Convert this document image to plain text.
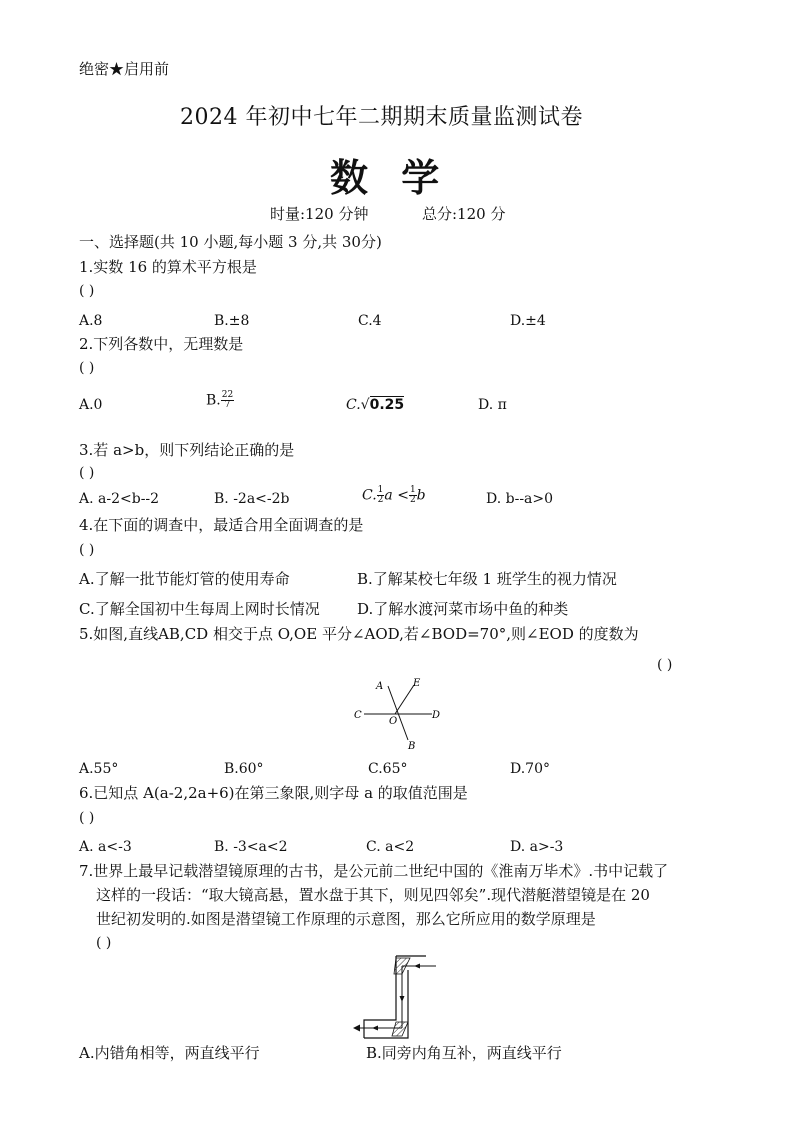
绝密★启用前
2024 年初中七年二期期末质量监测试卷
数 学
时量:120 分钟	总分:120 分
一、选择题(共 10 小题,每小题 3 分,共 30分)
1.实数 16 的算术平方根是
( )
A.8	B.±8	C.4	D.±4
2.下列各数中，无理数是
( )
A.0	B. $\frac{22}{7}$	C.√0.25	D. π
3.若 a>b，则下列结论正确的是
( )
A. a-2<b--2	B. -2a<-2b	C. $\frac{1}{2}$ $a < \frac{1}{2}$ b	D. b--a>0
4.在下面的调查中，最适合用全面调查的是
( )
A.了解一批节能灯管的使用寿命	B.了解某校七年级 1 班学生的视力情况
C.了解全国初中生每周上网时长情况 D.了解水渡河菜市场中鱼的种类
5.如图,直线AB,CD 相交于点 O,OE 平分∠AOD,若∠BOD=70°,则∠EOD 的度数为
( )
A	E
C
O
D
B
A.55°	B.60°	C.65°	D.70°
6.已知点 A(a-2,2a+6)在第三象限,则字母 a 的取值范围是
( )
A. a<-3	B. -3<a<2	C. a<2	D. a>-3
7.世界上最早记载潜望镜原理的古书，是公元前二世纪中国的《淮南万毕术》.书中记载了
这样的一段话：“取大镜高悬，置水盘于其下，则见四邻矣”.现代潜艇潜望镜是在 20
世纪初发明的.如图是潜望镜工作原理的示意图，那么它所应用的数学原理是
( )
A.内错角相等，两直线平行	B.同旁内角互补，两直线平行
